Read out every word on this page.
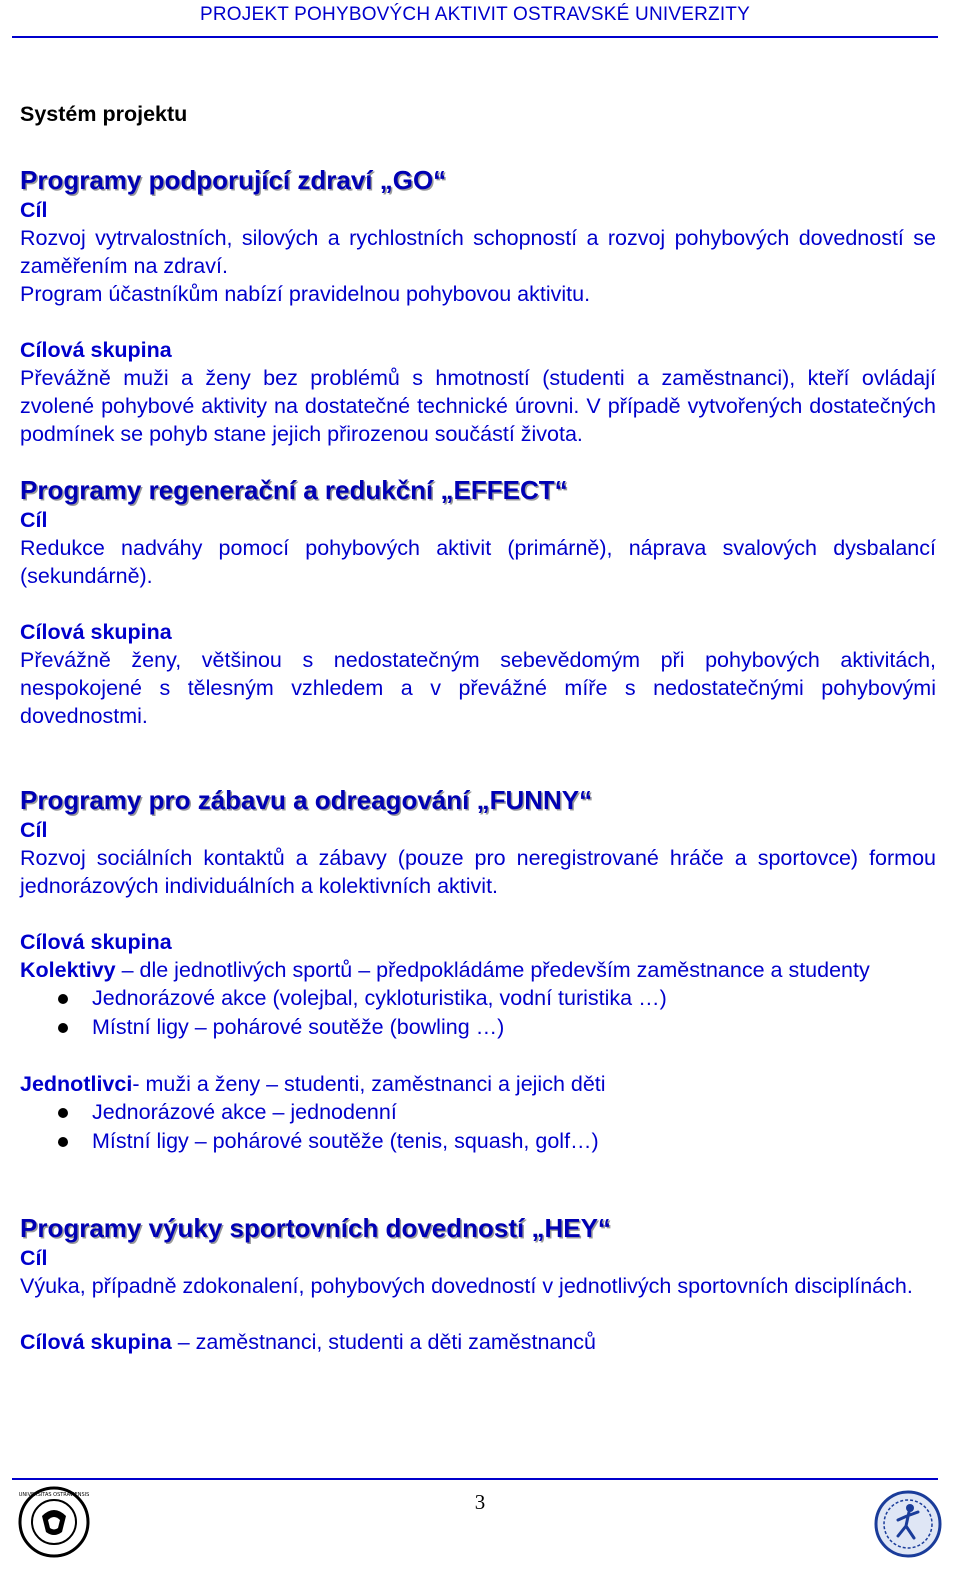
PROJEKT POHYBOVÝCH AKTIVIT OSTRAVSKÉ UNIVERZITY

Systém projektu

Programy podporující zdraví „GO“

Cíl

Rozvoj vytrvalostních, silových a rychlostních schopností a rozvoj pohybových dovedností se zaměřením na zdraví.

Program účastníkům nabízí pravidelnou pohybovou aktivitu.

Cílová skupina

Převážně muži a ženy bez problémů s hmotností (studenti a zaměstnanci), kteří ovládají zvolené pohybové aktivity na dostatečné technické úrovni. V případě vytvořených dostatečných podmínek se pohyb stane jejich přirozenou součástí života.

Programy regenerační a redukční „EFFECT“

Cíl

Redukce nadváhy pomocí pohybových aktivit (primárně), náprava svalových dysbalancí (sekundárně).

Cílová skupina

Převážně ženy, většinou s nedostatečným sebevědomým při pohybových aktivitách, nespokojené s tělesným vzhledem a v převážné míře s nedostatečnými pohybovými dovednostmi.

Programy pro zábavu a odreagování „FUNNY“

Cíl

Rozvoj sociálních kontaktů a zábavy (pouze pro neregistrované hráče a sportovce) formou jednorázových individuálních a kolektivních aktivit.

Cílová skupina

Kolektivy – dle jednotlivých sportů – předpokládáme především zaměstnance a studenty

Jednorázové akce (volejbal, cykloturistika, vodní turistika …)
Místní ligy – pohárové soutěže (bowling …)

Jednotlivci- muži a ženy – studenti, zaměstnanci a jejich děti

Jednorázové akce – jednodenní
Místní ligy – pohárové soutěže (tenis, squash, golf…)

Programy výuky sportovních dovedností „HEY“

Cíl

Výuka, případně zdokonalení, pohybových dovedností v jednotlivých sportovních disciplínách.

Cílová skupina – zaměstnanci, studenti a děti zaměstnanců

UNIVERSITAS OSTRAVIENSIS	3
